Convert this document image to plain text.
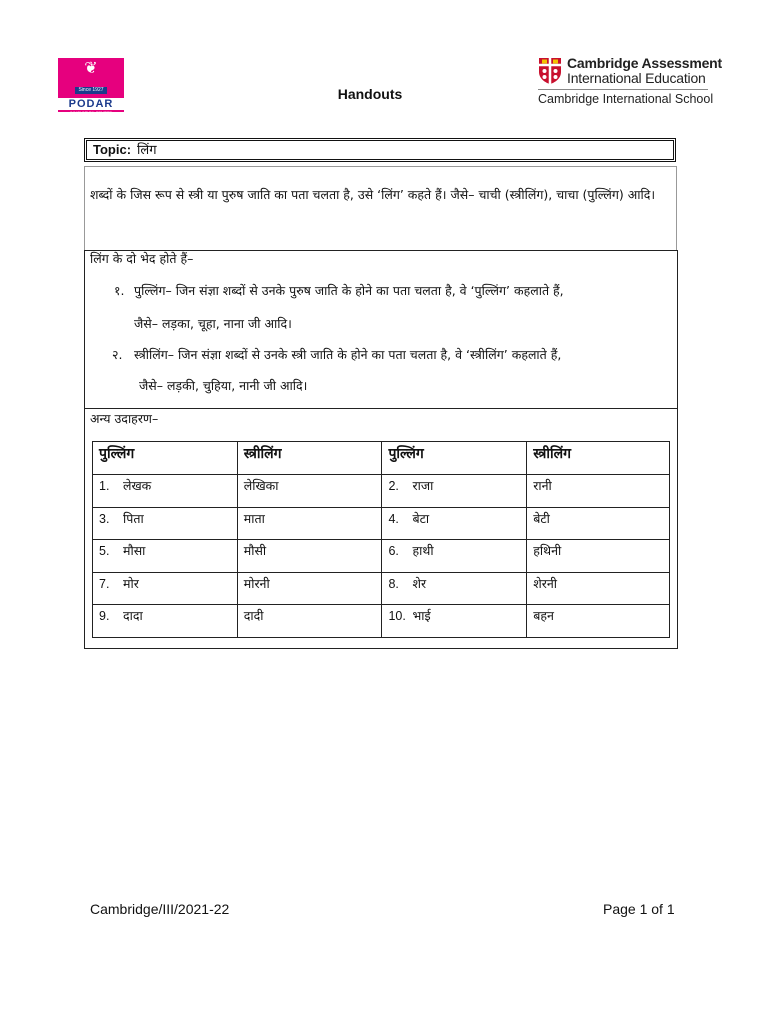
❦
Since 1927
PODAR
INNOVATION CENTRE
Handouts
Cambridge Assessment
International Education
Cambridge International School
Topic: लिंग
शब्दों के जिस रूप से स्त्री या पुरुष जाति का पता चलता है, उसे ‘लिंग’ कहते हैं। जैसे– चाची (स्त्रीलिंग), चाचा (पुल्लिंग) आदि।
लिंग के दो भेद होते हैं–
१. पुल्लिंग– जिन संज्ञा शब्दों से उनके पुरुष जाति के होने का पता चलता है, वे ‘पुल्लिंग’ कहलाते हैं,
जैसे– लड़का, चूहा, नाना जी आदि।
२. स्त्रीलिंग– जिन संज्ञा शब्दों से उनके स्त्री जाति के होने का पता चलता है, वे ‘स्त्रीलिंग’ कहलाते हैं,
जैसे– लड़की, चुहिया, नानी जी आदि।
अन्य उदाहरण–
पुल्लिंग	स्त्रीलिंग	पुल्लिंग	स्त्रीलिंग
1. लेखक	लेखिका	2. राजा	रानी
3. पिता	माता	4. बेटा	बेटी
5. मौसा	मौसी	6. हाथी	हथिनी
7. मोर	मोरनी	8. शेर	शेरनी
9. दादा	दादी	10. भाई	बहन
Cambridge/III/2021-22	Page 1 of 1
